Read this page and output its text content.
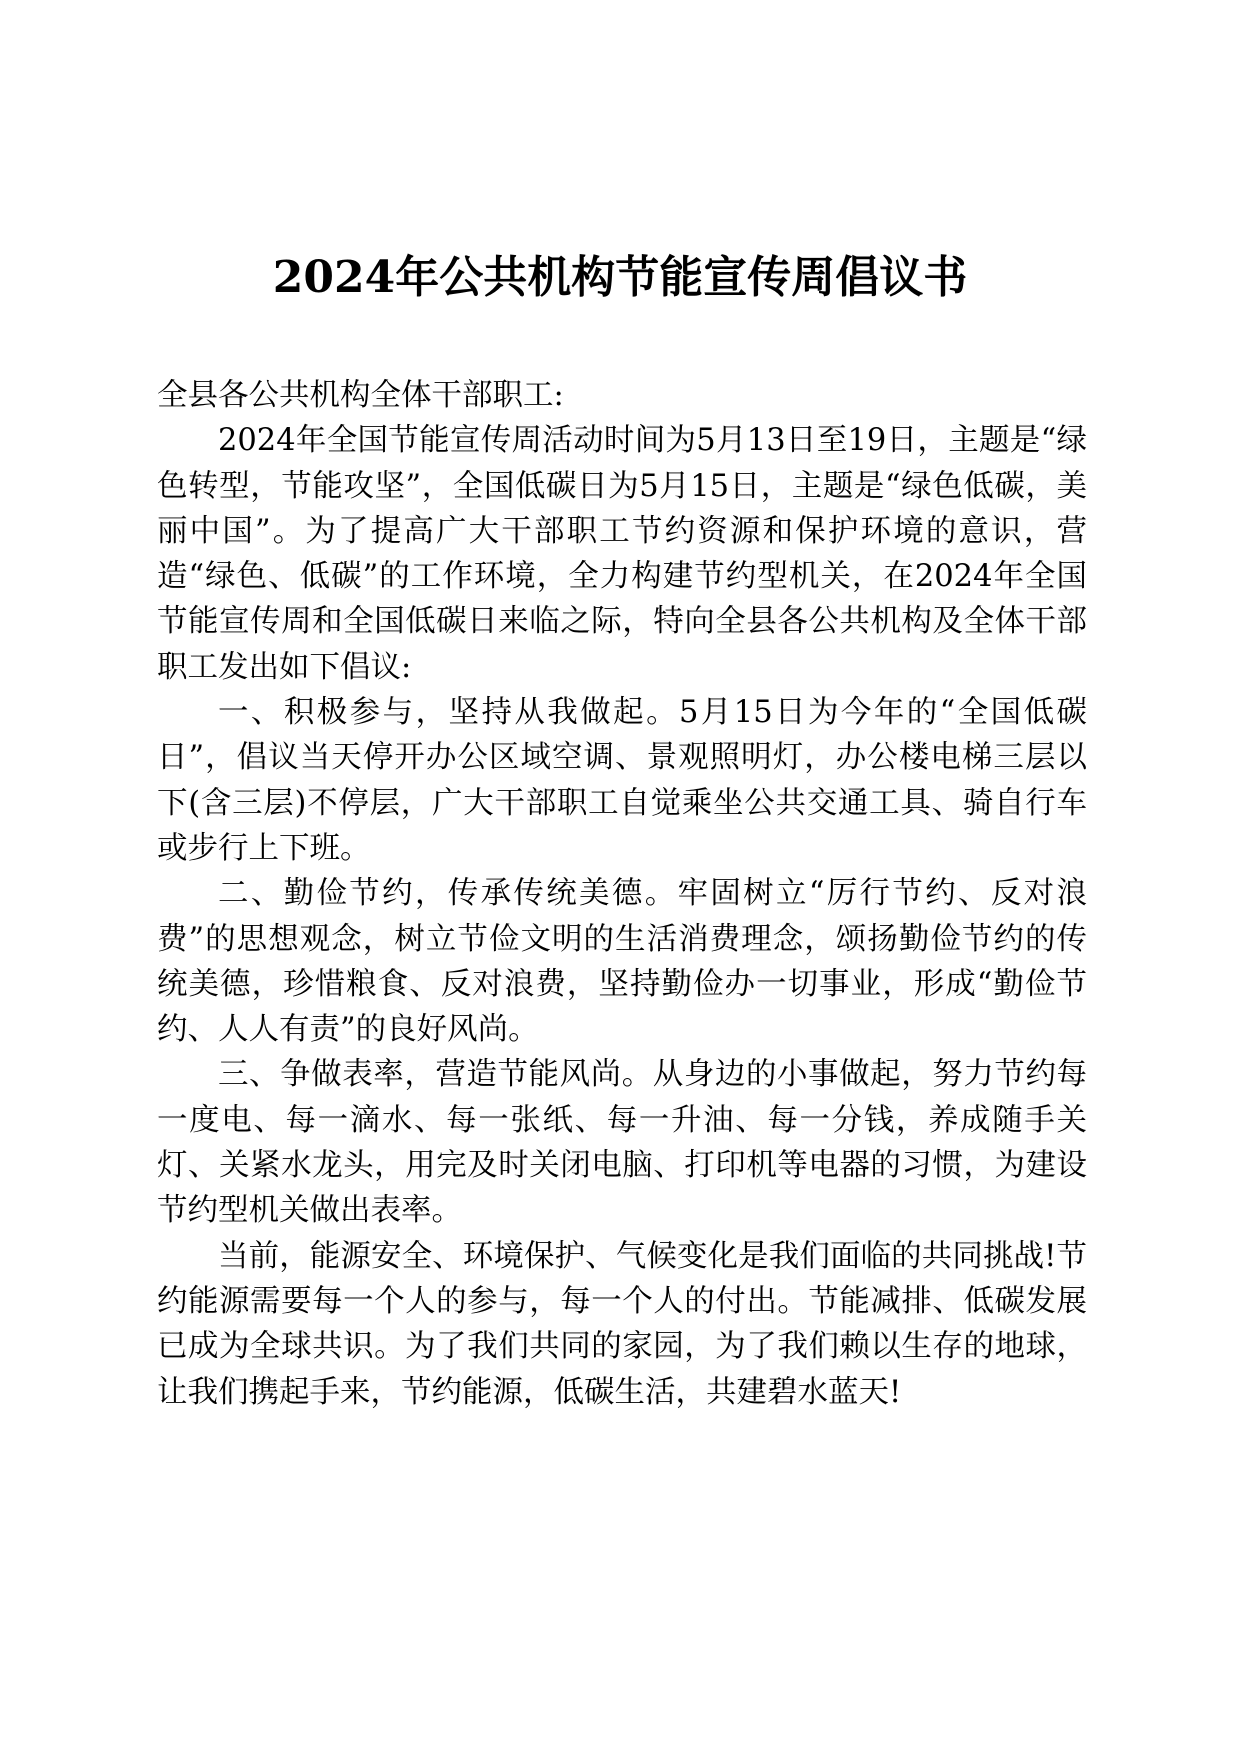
2024年公共机构节能宣传周倡议书

全县各公共机构全体干部职工:

2024年全国节能宣传周活动时间为5月13日至19日，主题是“绿色转型，节能攻坚”，全国低碳日为5月15日，主题是“绿色低碳，美丽中国”。为了提高广大干部职工节约资源和保护环境的意识，营造“绿色、低碳”的工作环境，全力构建节约型机关，在2024年全国节能宣传周和全国低碳日来临之际，特向全县各公共机构及全体干部职工发出如下倡议:

一、积极参与，坚持从我做起。5月15日为今年的“全国低碳日”，倡议当天停开办公区域空调、景观照明灯，办公楼电梯三层以下(含三层)不停层，广大干部职工自觉乘坐公共交通工具、骑自行车或步行上下班。

二、勤俭节约，传承传统美德。牢固树立“厉行节约、反对浪费”的思想观念，树立节俭文明的生活消费理念，颂扬勤俭节约的传统美德，珍惜粮食、反对浪费，坚持勤俭办一切事业，形成“勤俭节约、人人有责”的良好风尚。

三、争做表率，营造节能风尚。从身边的小事做起，努力节约每一度电、每一滴水、每一张纸、每一升油、每一分钱，养成随手关灯、关紧水龙头，用完及时关闭电脑、打印机等电器的习惯，为建设节约型机关做出表率。

当前，能源安全、环境保护、气候变化是我们面临的共同挑战!节约能源需要每一个人的参与，每一个人的付出。节能减排、低碳发展已成为全球共识。为了我们共同的家园，为了我们赖以生存的地球，让我们携起手来，节约能源，低碳生活，共建碧水蓝天!
